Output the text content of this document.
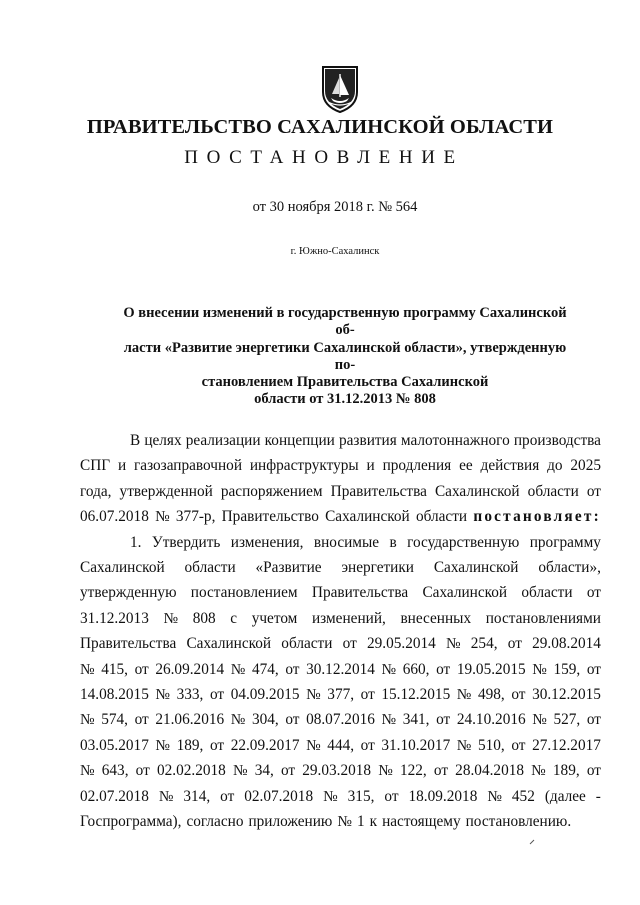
ПРАВИТЕЛЬСТВО САХАЛИНСКОЙ ОБЛАСТИ
ПОСТАНОВЛЕНИЕ
от 30 ноября 2018 г. № 564
г. Южно-Сахалинск
О внесении изменений в государственную программу Сахалинской об-
ласти «Развитие энергетики Сахалинской области», утвержденную по-
становлением Правительства Сахалинской
области от 31.12.2013 № 808
В целях реализации концепции развития малотоннажного производства
СПГ и газозаправочной инфраструктуры и продления ее действия до 2025
года, утвержденной распоряжением Правительства Сахалинской области от
06.07.2018 № 377-р, Правительство Сахалинской области постановляет:
1. Утвердить изменения, вносимые в государственную программу
Сахалинской области «Развитие энергетики Сахалинской области»,
утвержденную постановлением Правительства Сахалинской области от
31.12.2013 № 808 с учетом изменений, внесенных постановлениями
Правительства Сахалинской области от 29.05.2014 № 254, от 29.08.2014
№ 415, от 26.09.2014 № 474, от 30.12.2014 № 660, от 19.05.2015 № 159, от
14.08.2015 № 333, от 04.09.2015 № 377, от 15.12.2015 № 498, от 30.12.2015
№ 574, от 21.06.2016 № 304, от 08.07.2016 № 341, от 24.10.2016 № 527, от
03.05.2017 № 189, от 22.09.2017 № 444, от 31.10.2017 № 510, от 27.12.2017
№ 643, от 02.02.2018 № 34, от 29.03.2018 № 122, от 28.04.2018 № 189, от
02.07.2018 № 314, от 02.07.2018 № 315, от 18.09.2018 № 452 (далее -
Госпрограмма), согласно приложению № 1 к настоящему постановлению.
